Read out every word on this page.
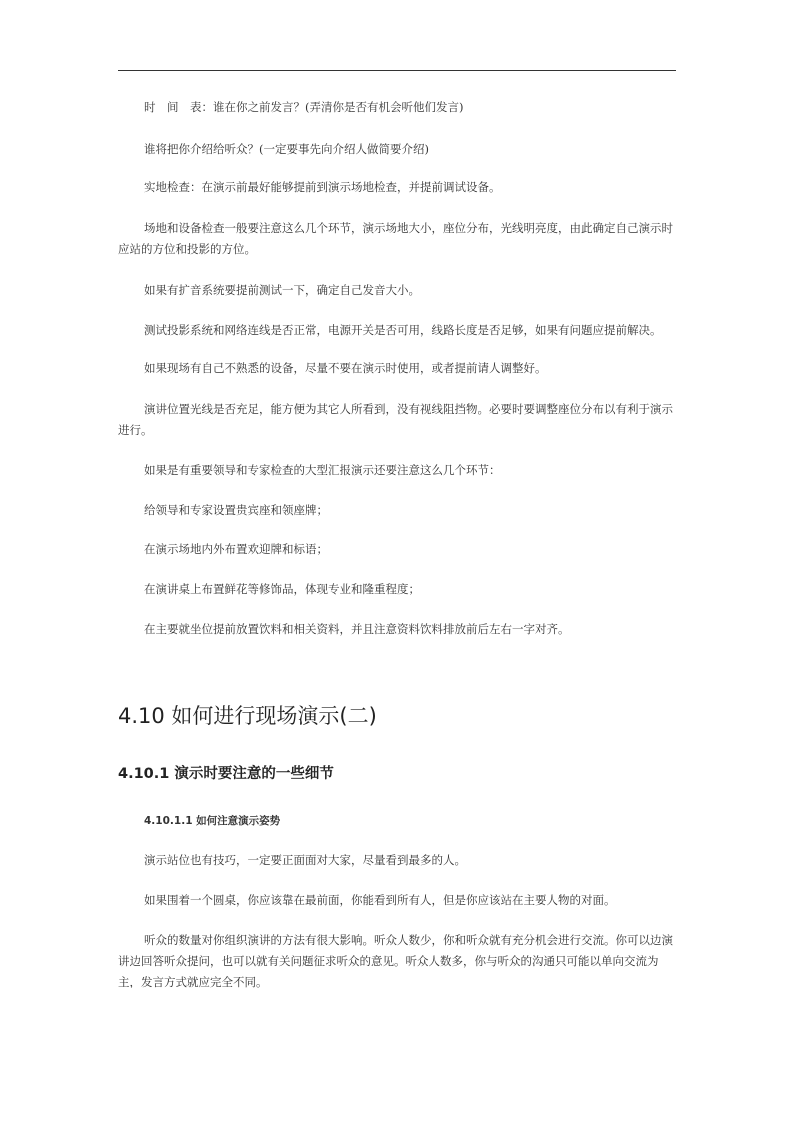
时　间　表：谁在你之前发言？(弄清你是否有机会听他们发言)

谁将把你介绍给听众？(一定要事先向介绍人做简要介绍)

实地检查：在演示前最好能够提前到演示场地检查，并提前调试设备。

场地和设备检查一般要注意这么几个环节，演示场地大小，座位分布，光线明亮度，由此确定自己演示时应站的方位和投影的方位。

如果有扩音系统要提前测试一下，确定自己发音大小。

测试投影系统和网络连线是否正常，电源开关是否可用，线路长度是否足够，如果有问题应提前解决。

如果现场有自己不熟悉的设备，尽量不要在演示时使用，或者提前请人调整好。

演讲位置光线是否充足，能方便为其它人所看到，没有视线阻挡物。必要时要调整座位分布以有利于演示进行。

如果是有重要领导和专家检查的大型汇报演示还要注意这么几个环节：

给领导和专家设置贵宾座和领座牌；

在演示场地内外布置欢迎牌和标语；

在演讲桌上布置鲜花等修饰品，体现专业和隆重程度；

在主要就坐位提前放置饮料和相关资料，并且注意资料饮料排放前后左右一字对齐。

4.10 如何进行现场演示(二)
4.10.1 演示时要注意的一些细节
4.10.1.1 如何注意演示姿势

演示站位也有技巧，一定要正面面对大家，尽量看到最多的人。

如果围着一个圆桌，你应该靠在最前面，你能看到所有人，但是你应该站在主要人物的对面。

听众的数量对你组织演讲的方法有很大影响。听众人数少，你和听众就有充分机会进行交流。你可以边演讲边回答听众提问，也可以就有关问题征求听众的意见。听众人数多，你与听众的沟通只可能以单向交流为主，发言方式就应完全不同。
